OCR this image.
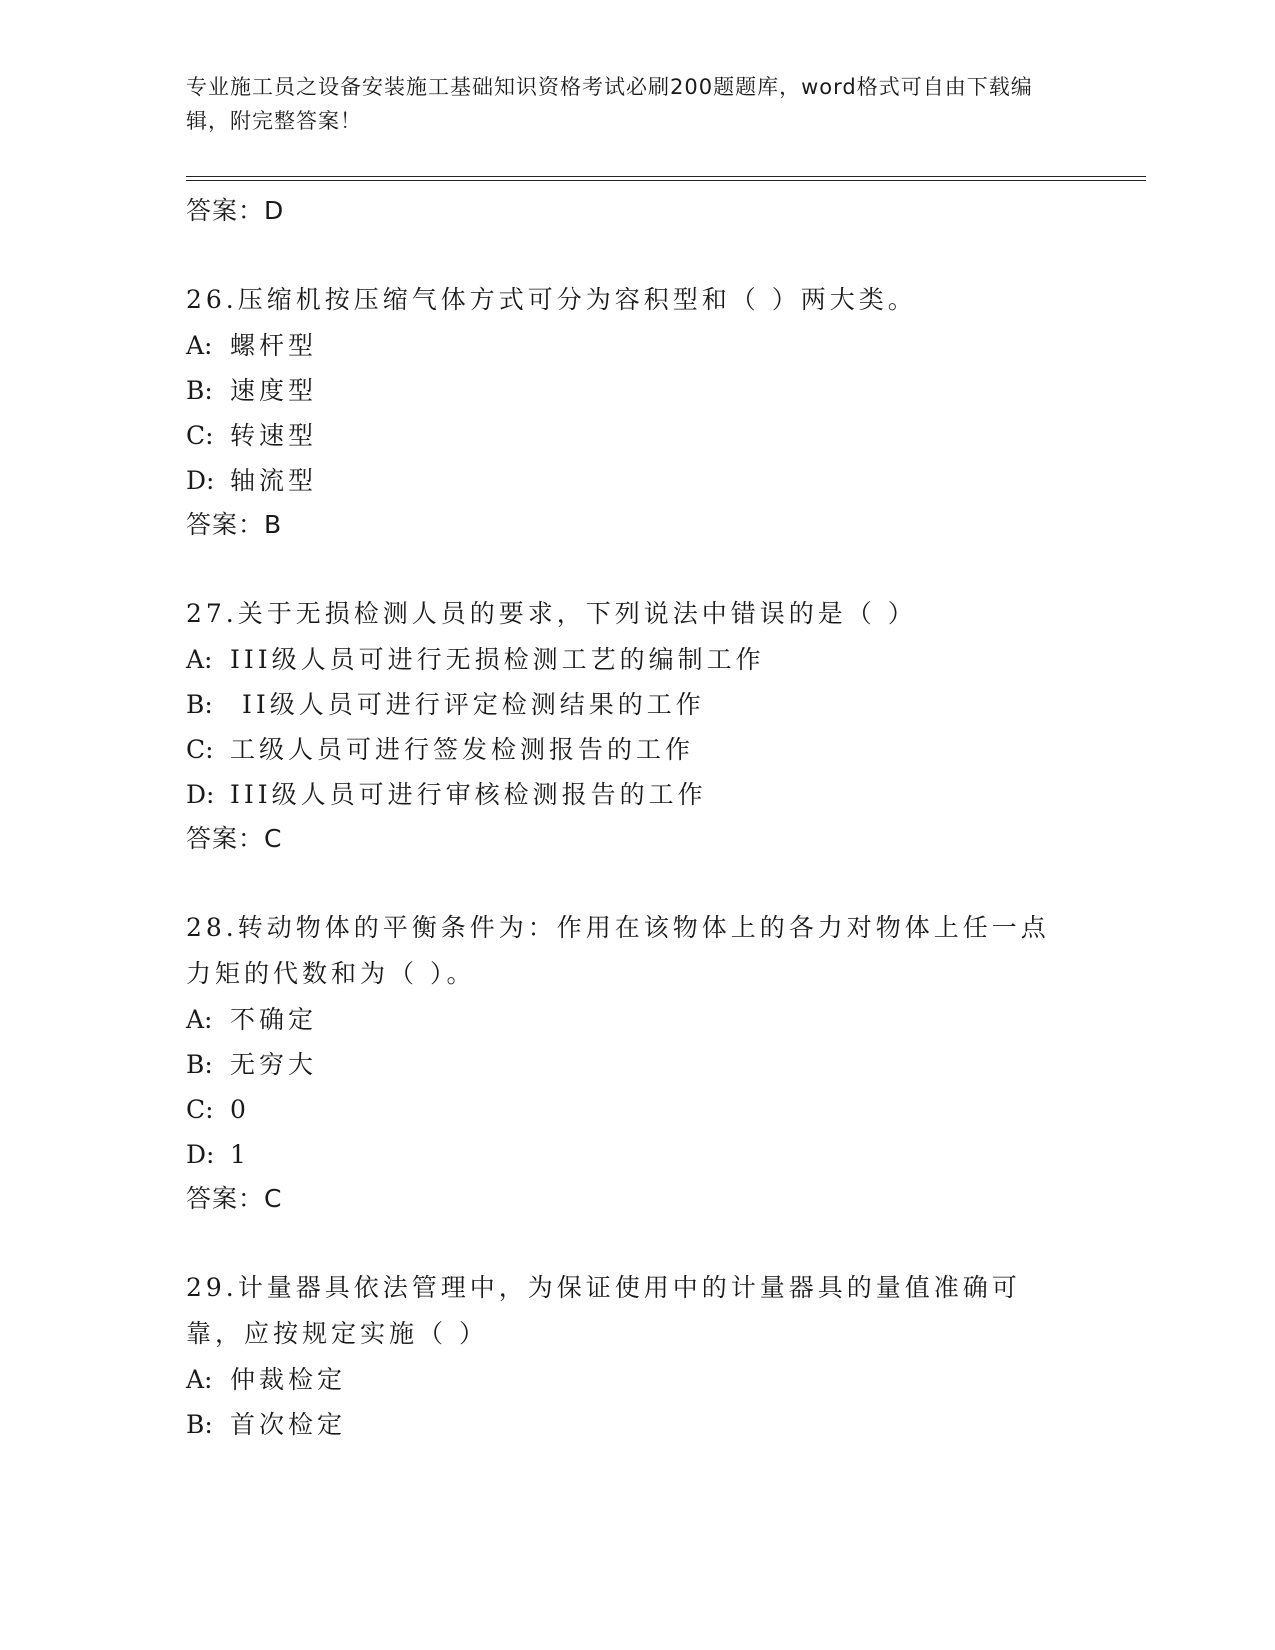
专业施工员之设备安装施工基础知识资格考试必刷200题题库，word格式可自由下载编辑，附完整答案！

答案：D

26.压缩机按压缩气体方式可分为容积型和（ ）两大类。

A: 螺杆型

B: 速度型

C: 转速型

D: 轴流型

答案：B

27.关于无损检测人员的要求，下列说法中错误的是（ ）

A: III级人员可进行无损检测工艺的编制工作

B: II级人员可进行评定检测结果的工作

C: 工级人员可进行签发检测报告的工作

D: III级人员可进行审核检测报告的工作

答案：C

28.转动物体的平衡条件为：作用在该物体上的各力对物体上任一点力矩的代数和为（ ）。

A: 不确定

B: 无穷大

C: 0

D: 1

答案：C

29.计量器具依法管理中，为保证使用中的计量器具的量值准确可靠，应按规定实施（ ）

A: 仲裁检定

B: 首次检定
